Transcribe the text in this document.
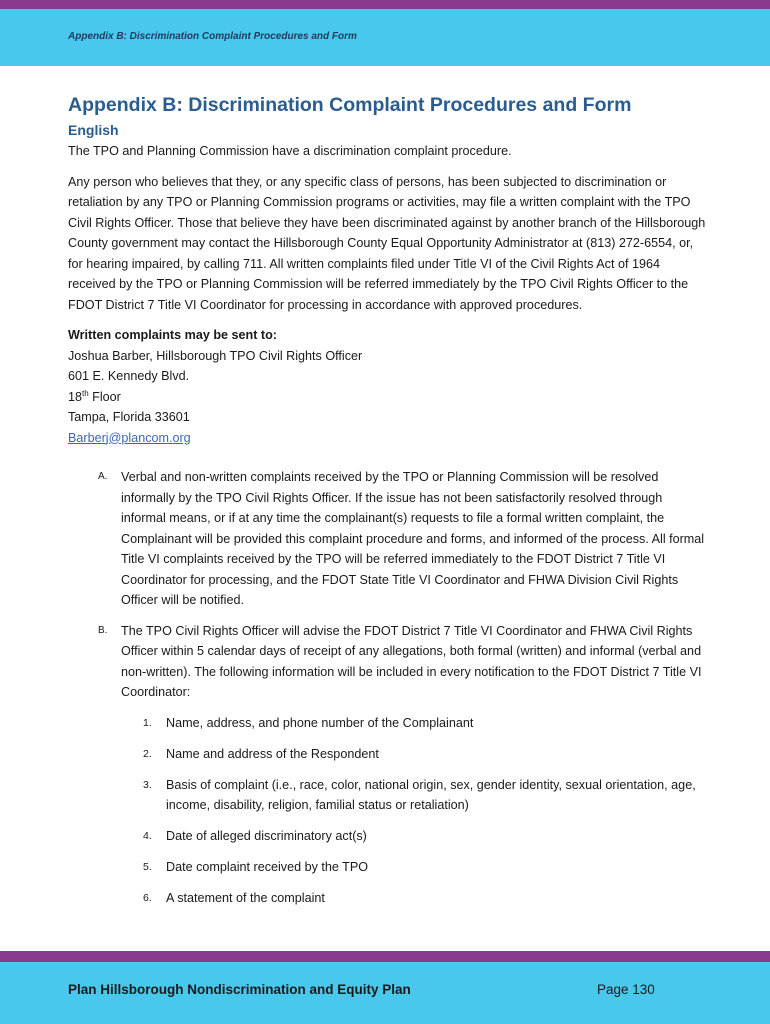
Appendix B: Discrimination Complaint Procedures and Form
Appendix B: Discrimination Complaint Procedures and Form
English

The TPO and Planning Commission have a discrimination complaint procedure.

Any person who believes that they, or any specific class of persons, has been subjected to discrimination or retaliation by any TPO or Planning Commission programs or activities, may file a written complaint with the TPO Civil Rights Officer. Those that believe they have been discriminated against by another branch of the Hillsborough County government may contact the Hillsborough County Equal Opportunity Administrator at (813) 272-6554, or, for hearing impaired, by calling 711. All written complaints filed under Title VI of the Civil Rights Act of 1964 received by the TPO or Planning Commission will be referred immediately by the TPO Civil Rights Officer to the FDOT District 7 Title VI Coordinator for processing in accordance with approved procedures.

Written complaints may be sent to:

Joshua Barber, Hillsborough TPO Civil Rights Officer
601 E. Kennedy Blvd.
18th Floor
Tampa, Florida 33601
Barberj@plancom.org
A. Verbal and non-written complaints received by the TPO or Planning Commission will be resolved informally by the TPO Civil Rights Officer. If the issue has not been satisfactorily resolved through informal means, or if at any time the complainant(s) requests to file a formal written complaint, the Complainant will be provided this complaint procedure and forms, and informed of the process. All formal Title VI complaints received by the TPO will be referred immediately to the FDOT District 7 Title VI Coordinator for processing, and the FDOT State Title VI Coordinator and FHWA Division Civil Rights Officer will be notified.
B. The TPO Civil Rights Officer will advise the FDOT District 7 Title VI Coordinator and FHWA Civil Rights Officer within 5 calendar days of receipt of any allegations, both formal (written) and informal (verbal and non-written). The following information will be included in every notification to the FDOT District 7 Title VI Coordinator:
1. Name, address, and phone number of the Complainant
2. Name and address of the Respondent
3. Basis of complaint (i.e., race, color, national origin, sex, gender identity, sexual orientation, age, income, disability, religion, familial status or retaliation)
4. Date of alleged discriminatory act(s)
5. Date complaint received by the TPO
6. A statement of the complaint
Plan Hillsborough Nondiscrimination and Equity Plan	Page 130
